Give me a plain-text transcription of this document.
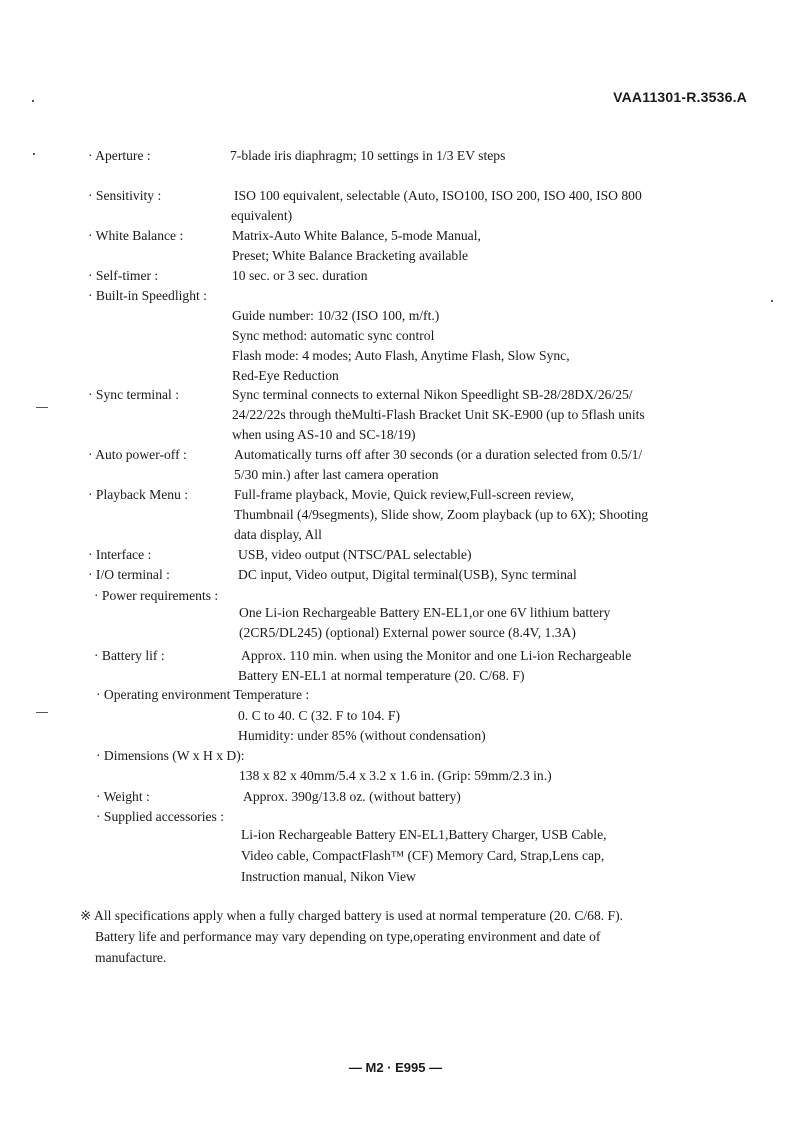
VAA11301-R.3536.A
· Aperture :	7-blade iris diaphragm; 10 settings in 1/3 EV steps
· Sensitivity :	ISO 100 equivalent, selectable (Auto, ISO100, ISO 200, ISO 400, ISO 800
equivalent)
· White Balance :	Matrix-Auto White Balance, 5-mode Manual,
Preset; White Balance Bracketing available
· Self-timer :	10 sec. or 3 sec. duration
· Built-in Speedlight :
Guide number: 10/32 (ISO 100, m/ft.)
Sync method: automatic sync control
Flash mode: 4 modes; Auto Flash, Anytime Flash, Slow Sync,
Red-Eye Reduction
· Sync terminal :	Sync terminal connects to external Nikon Speedlight SB-28/28DX/26/25/
24/22/22s through theMulti-Flash Bracket Unit SK-E900 (up to 5flash units
when using AS-10 and SC-18/19)
· Auto power-off :	Automatically turns off after 30 seconds (or a duration selected from 0.5/1/
5/30 min.) after last camera operation
· Playback Menu :	Full-frame playback, Movie, Quick review,Full-screen review,
Thumbnail (4/9segments), Slide show, Zoom playback (up to 6X); Shooting
data display, All
· Interface :	USB, video output (NTSC/PAL selectable)
· I/O terminal :	DC input, Video output, Digital terminal(USB), Sync terminal
· Power requirements :
One Li-ion Rechargeable Battery EN-EL1,or one 6V lithium battery
(2CR5/DL245) (optional) External power source (8.4V, 1.3A)
· Battery lif :	Approx. 110 min. when using the Monitor and one Li-ion Rechargeable
Battery EN-EL1 at normal temperature (20. C/68. F)
· Operating environment Temperature :
0. C to 40. C (32. F to 104. F)
Humidity: under 85% (without condensation)
· Dimensions (W x H x D):
138 x 82 x 40mm/5.4 x 3.2 x 1.6 in. (Grip: 59mm/2.3 in.)
· Weight :	Approx. 390g/13.8 oz. (without battery)
· Supplied accessories :
Li-ion Rechargeable Battery EN-EL1,Battery Charger, USB Cable,
Video cable, CompactFlash™ (CF) Memory Card, Strap,Lens cap,
Instruction manual, Nikon View
※ All specifications apply when a fully charged battery is used at normal temperature (20. C/68. F).
Battery life and performance may vary depending on type,operating environment and date of
manufacture.
— M2 · E995 —
